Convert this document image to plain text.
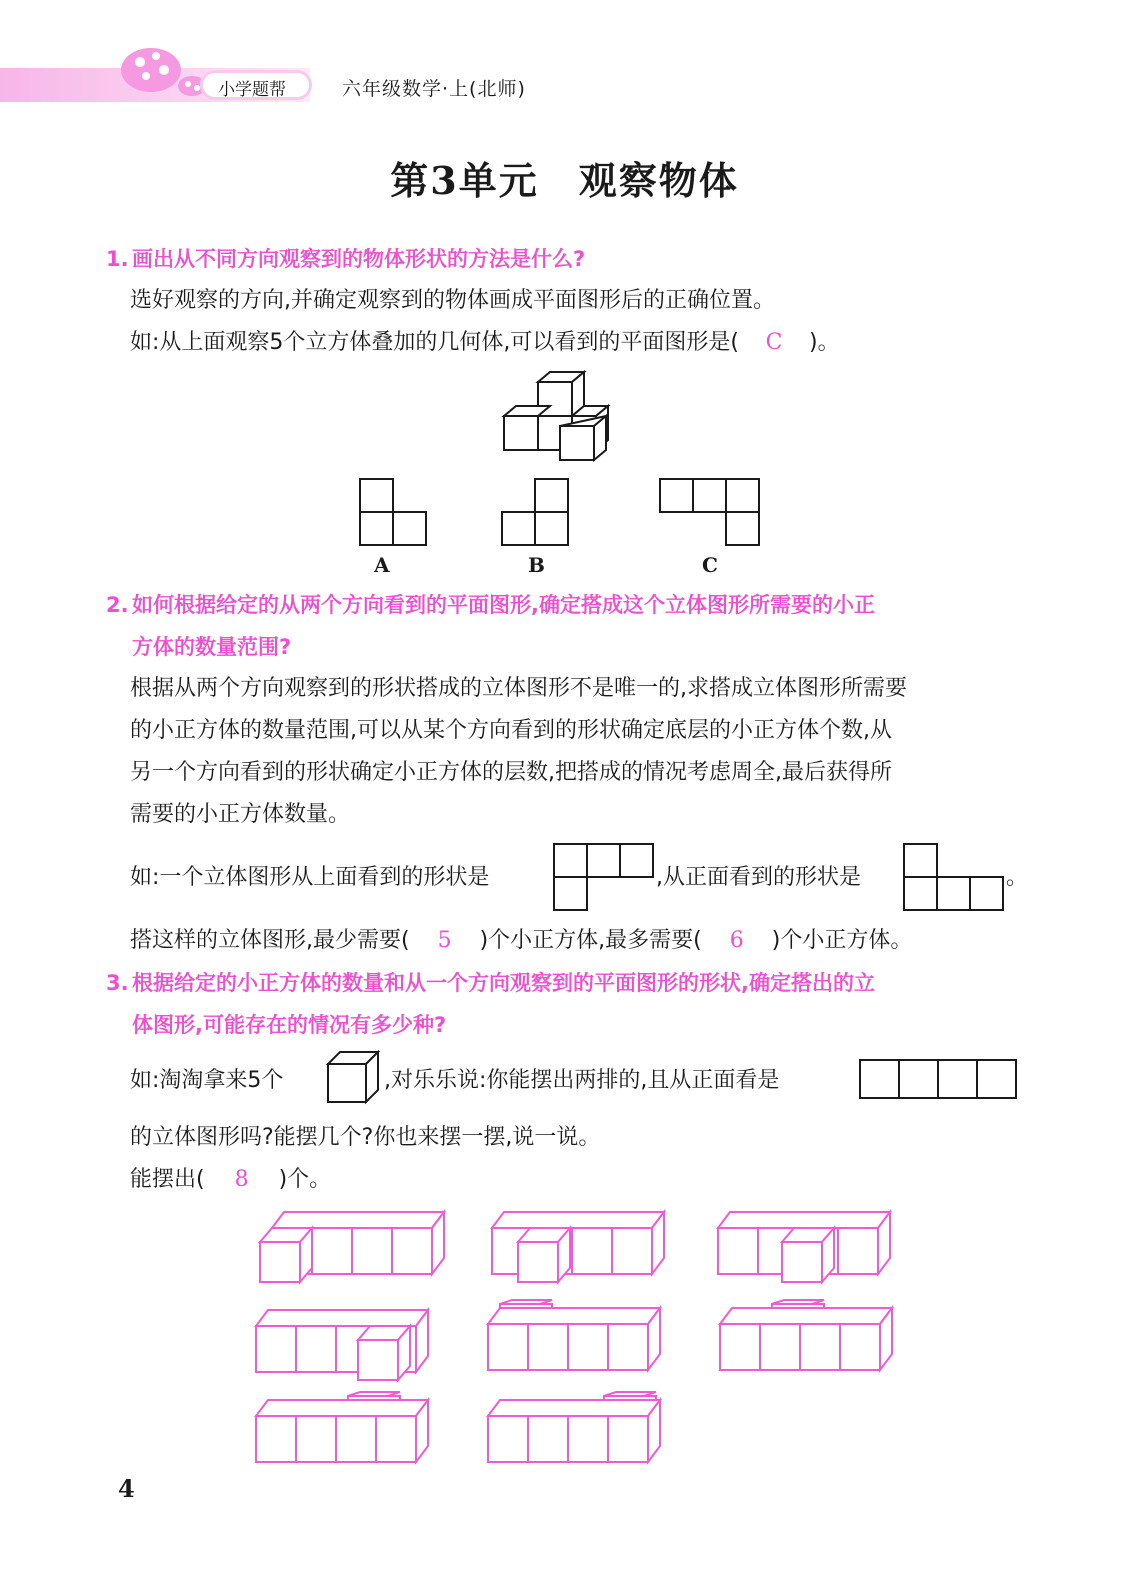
小学题帮	六年级数学·上(北师)
第3单元　观察物体
1. 画出从不同方向观察到的物体形状的方法是什么?
选好观察的方向,并确定观察到的物体画成平面图形后的正确位置。
如:从上面观察5个立方体叠加的几何体,可以看到的平面图形是( C )。
A	B	C
2. 如何根据给定的从两个方向看到的平面图形,确定搭成这个立体图形所需要的小正
方体的数量范围?
根据从两个方向观察到的形状搭成的立体图形不是唯一的,求搭成立体图形所需要
的小正方体的数量范围,可以从某个方向看到的形状确定底层的小正方体个数,从
另一个方向看到的形状确定小正方体的层数,把搭成的情况考虑周全,最后获得所
需要的小正方体数量。
如:一个立体图形从上面看到的形状是	,从正面看到的形状是	。
搭这样的立体图形,最少需要( 5 )个小正方体,最多需要( 6 )个小正方体。
3. 根据给定的小正方体的数量和从一个方向观察到的平面图形的形状,确定搭出的立
体图形,可能存在的情况有多少种?
如:淘淘拿来5个	,对乐乐说:你能摆出两排的,且从正面看是
的立体图形吗?能摆几个?你也来摆一摆,说一说。
能摆出( 8 )个。
4
